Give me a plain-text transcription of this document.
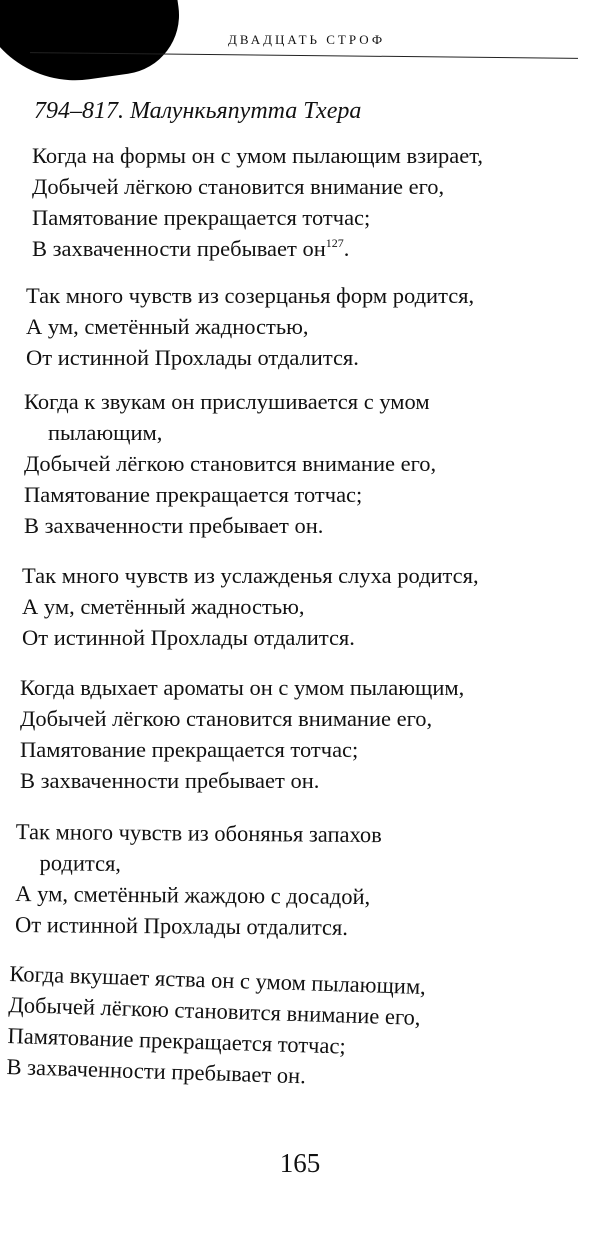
ДВАДЦАТЬ СТРОФ
794–817. Малункьяпутта Тхера

Когда на формы он с умом пылающим взирает,
Добычей лёгкою становится внимание его,
Памятование прекращается тотчас;
В захваченности пребывает $он^{127}$.

Так много чувств из созерцанья форм родится,
А ум, сметённый жадностью,
От истинной Прохлады отдалится.

Когда к звукам он прислушивается с умом
пылающим,
Добычей лёгкою становится внимание его,
Памятование прекращается тотчас;
В захваченности пребывает он.

Так много чувств из услажденья слуха родится,
А ум, сметённый жадностью,
От истинной Прохлады отдалится.

Когда вдыхает ароматы он с умом пылающим,
Добычей лёгкою становится внимание его,
Памятование прекращается тотчас;
В захваченности пребывает он.

Так много чувств из обонянья запахов
родится,
А ум, сметённый жаждою с досадой,
От истинной Прохлады отдалится.

Когда вкушает яства он с умом пылающим,
Добычей лёгкою становится внимание его,
Памятование прекращается тотчас;
В захваченности пребывает он.

165
